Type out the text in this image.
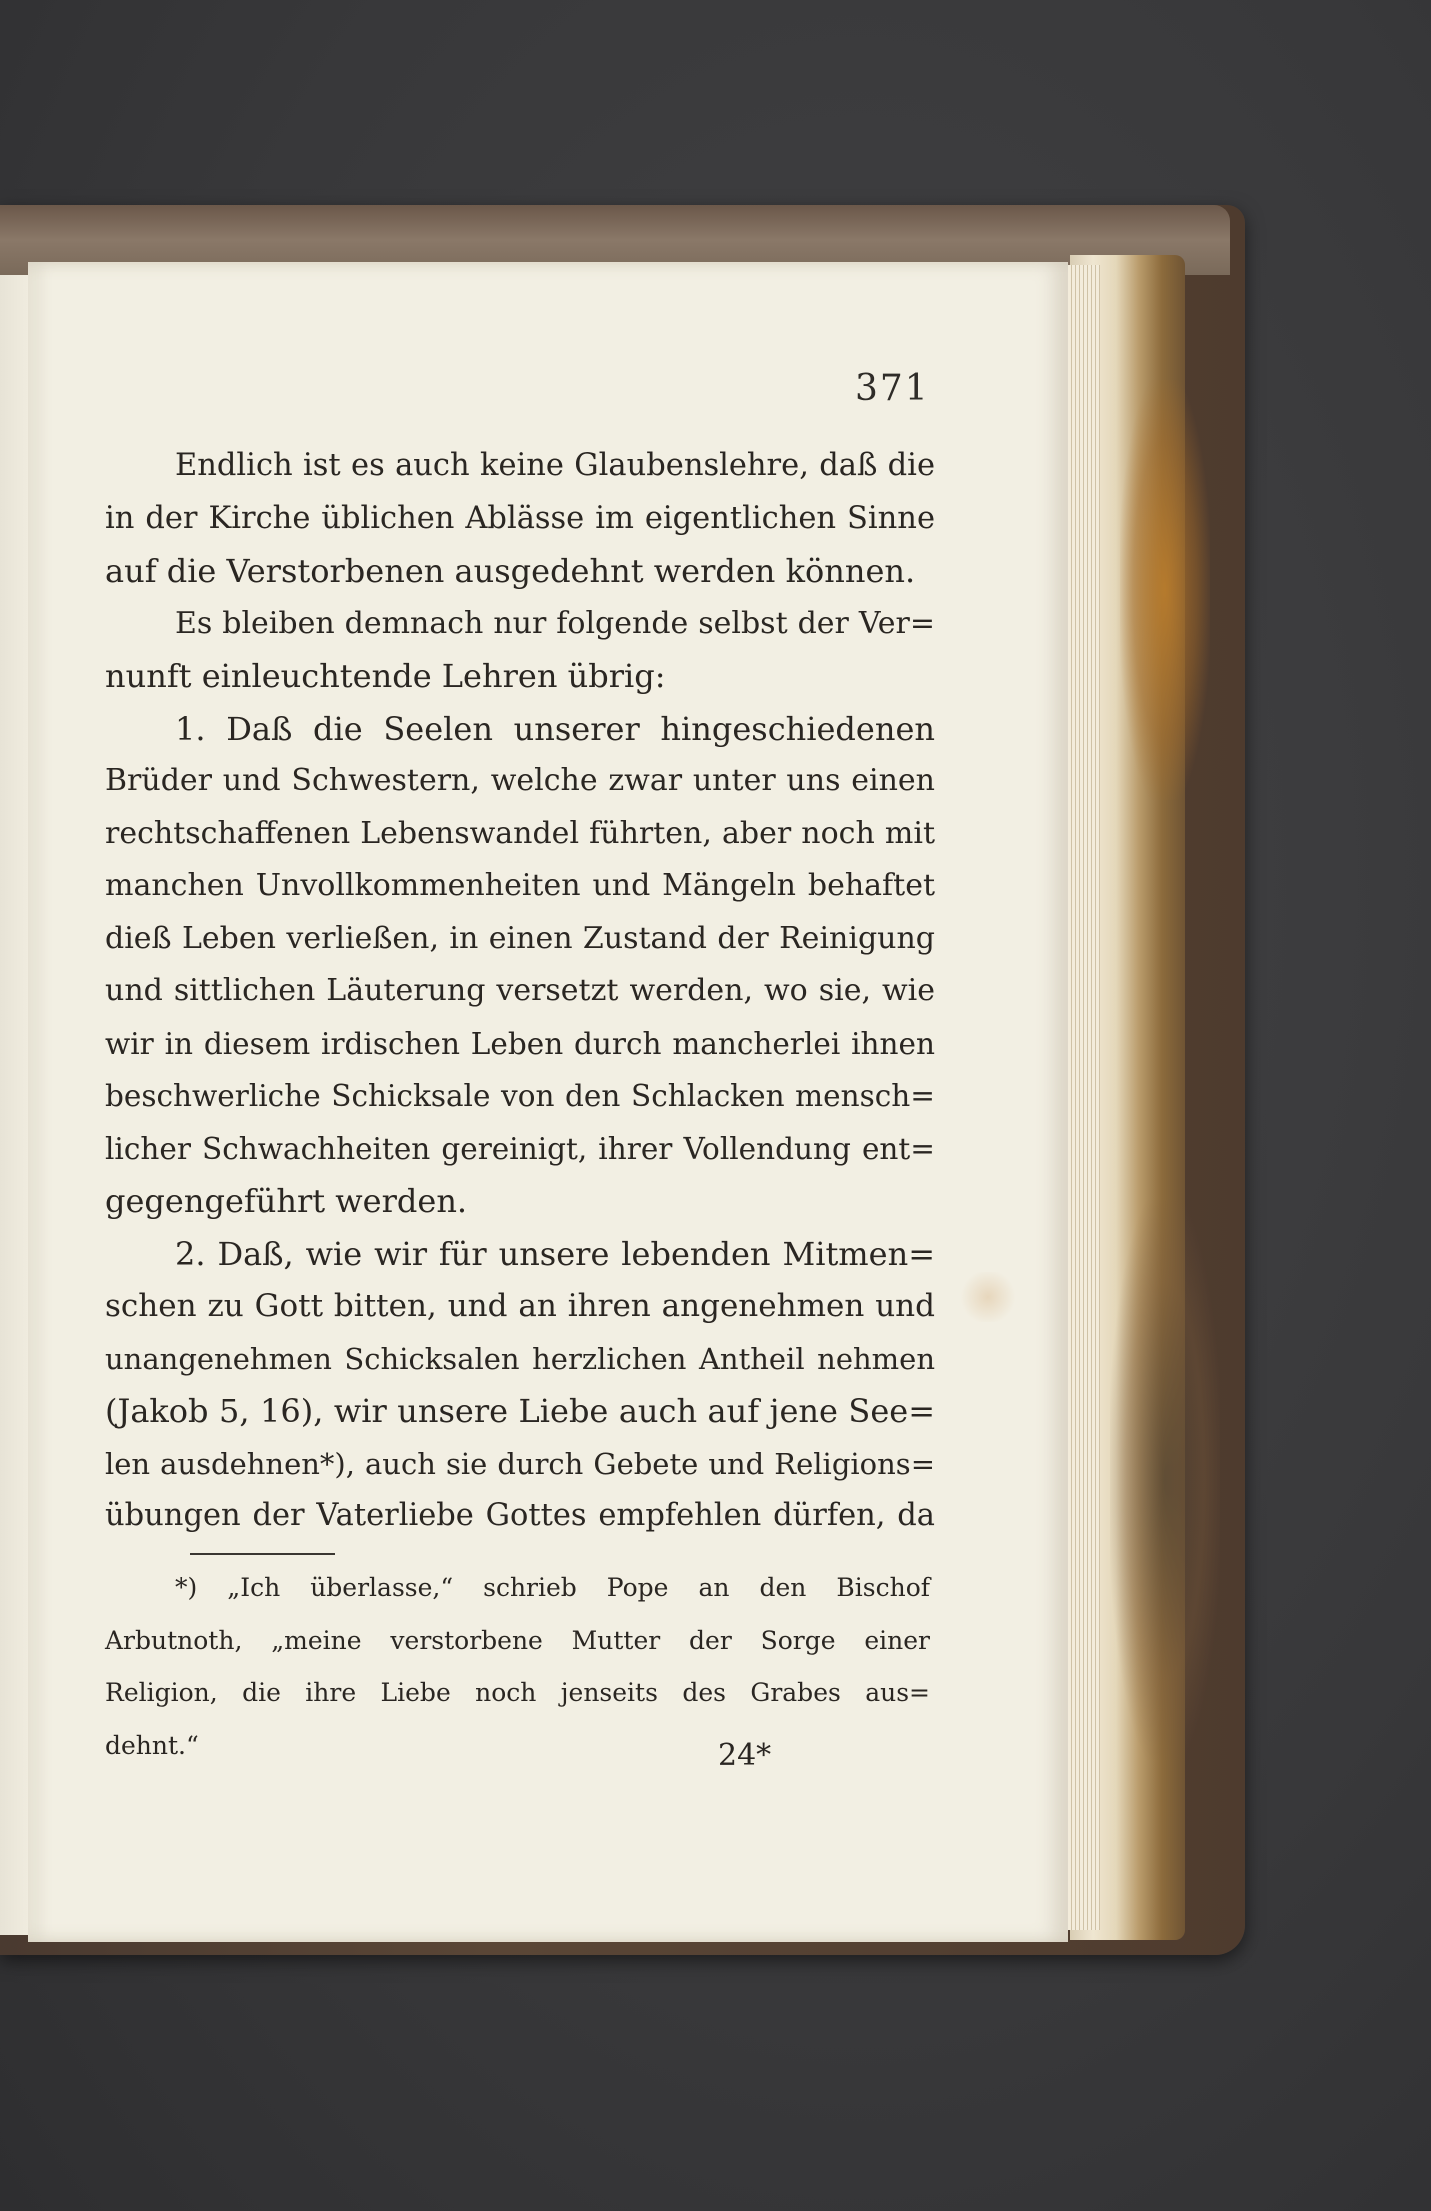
371
Endlich ist es auch keine Glaubenslehre, daß die
in der Kirche üblichen Ablässe im eigentlichen Sinne
auf die Verstorbenen ausgedehnt werden können.
Es bleiben demnach nur folgende selbst der Ver=
nunft einleuchtende Lehren übrig:
1. Daß die Seelen unserer hingeschiedenen
Brüder und Schwestern, welche zwar unter uns einen
rechtschaffenen Lebenswandel führten, aber noch mit
manchen Unvollkommenheiten und Mängeln behaftet
dieß Leben verließen, in einen Zustand der Reinigung
und sittlichen Läuterung versetzt werden, wo sie, wie
wir in diesem irdischen Leben durch mancherlei ihnen
beschwerliche Schicksale von den Schlacken mensch=
licher Schwachheiten gereinigt, ihrer Vollendung ent=
gegengeführt werden.
2. Daß, wie wir für unsere lebenden Mitmen=
schen zu Gott bitten, und an ihren angenehmen und
unangenehmen Schicksalen herzlichen Antheil nehmen
(Jakob 5, 16), wir unsere Liebe auch auf jene See=
len ausdehnen*), auch sie durch Gebete und Religions=
übungen der Vaterliebe Gottes empfehlen dürfen, da
*) „Ich überlasse,“ schrieb Pope an den Bischof
Arbutnoth, „meine verstorbene Mutter der Sorge einer
Religion, die ihre Liebe noch jenseits des Grabes aus=
dehnt.“	24*
